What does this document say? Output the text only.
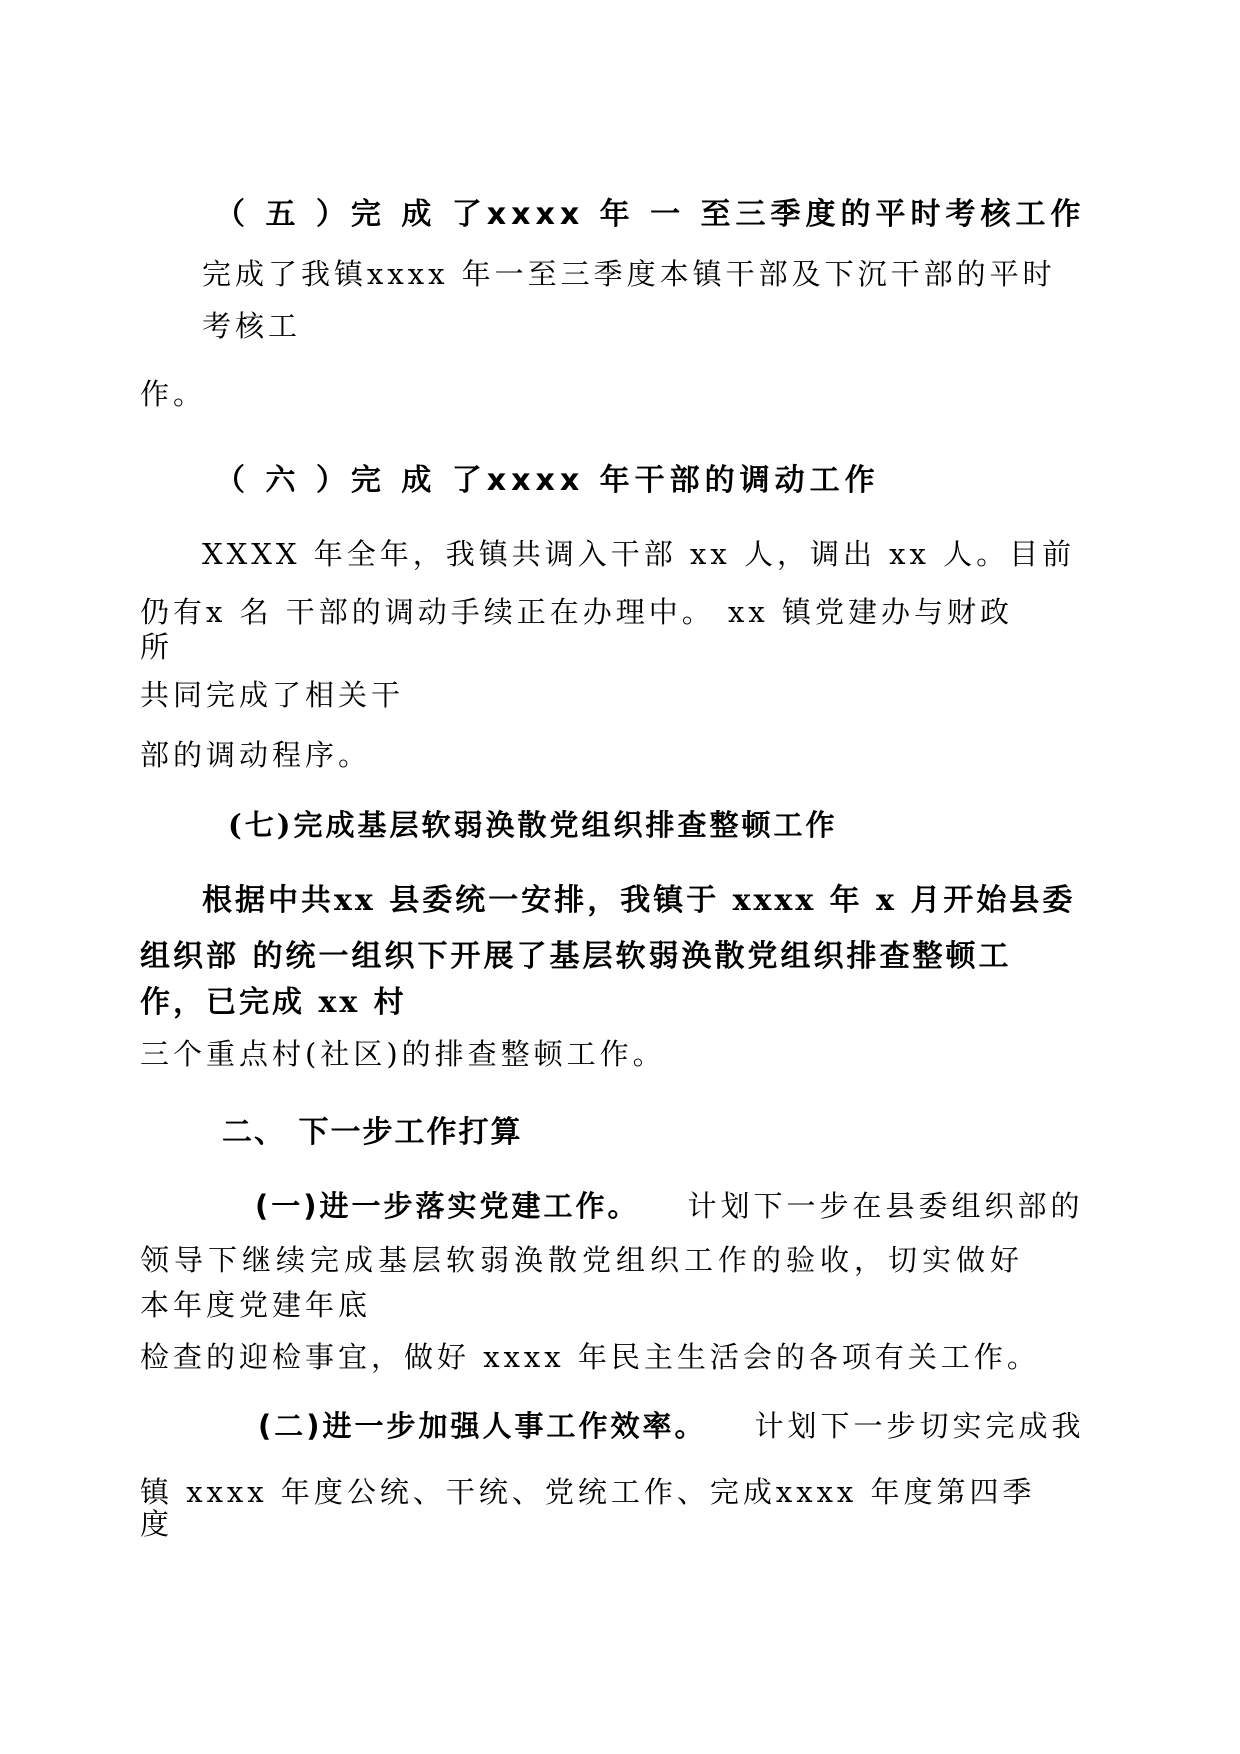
（ 五 ）完 成 了xxxx 年 一 至三季度的平时考核工作
完成了我镇xxxx 年一至三季度本镇干部及下沉干部的平时
考核工
作。
（ 六 ）完 成 了xxxx 年干部的调动工作
XXXX 年全年，我镇共调入干部 xx 人，调出 xx 人。目前
仍有x 名 干部的调动手续正在办理中。 xx 镇党建办与财政
所
共同完成了相关干
部的调动程序。
(七)完成基层软弱涣散党组织排查整顿工作
根据中共xx 县委统一安排，我镇于 xxxx 年 x 月开始县委
组织部 的统一组织下开展了基层软弱涣散党组织排查整顿工
作，已完成 xx 村
三个重点村(社区)的排查整顿工作。
二、 下一步工作打算
(一)进一步落实党建工作。 计划下一步在县委组织部的
领导下继续完成基层软弱涣散党组织工作的验收，切实做好
本年度党建年底
检查的迎检事宜，做好 xxxx 年民主生活会的各项有关工作。
(二)进一步加强人事工作效率。 计划下一步切实完成我
镇 xxxx 年度公统、干统、党统工作、完成xxxx 年度第四季
度
